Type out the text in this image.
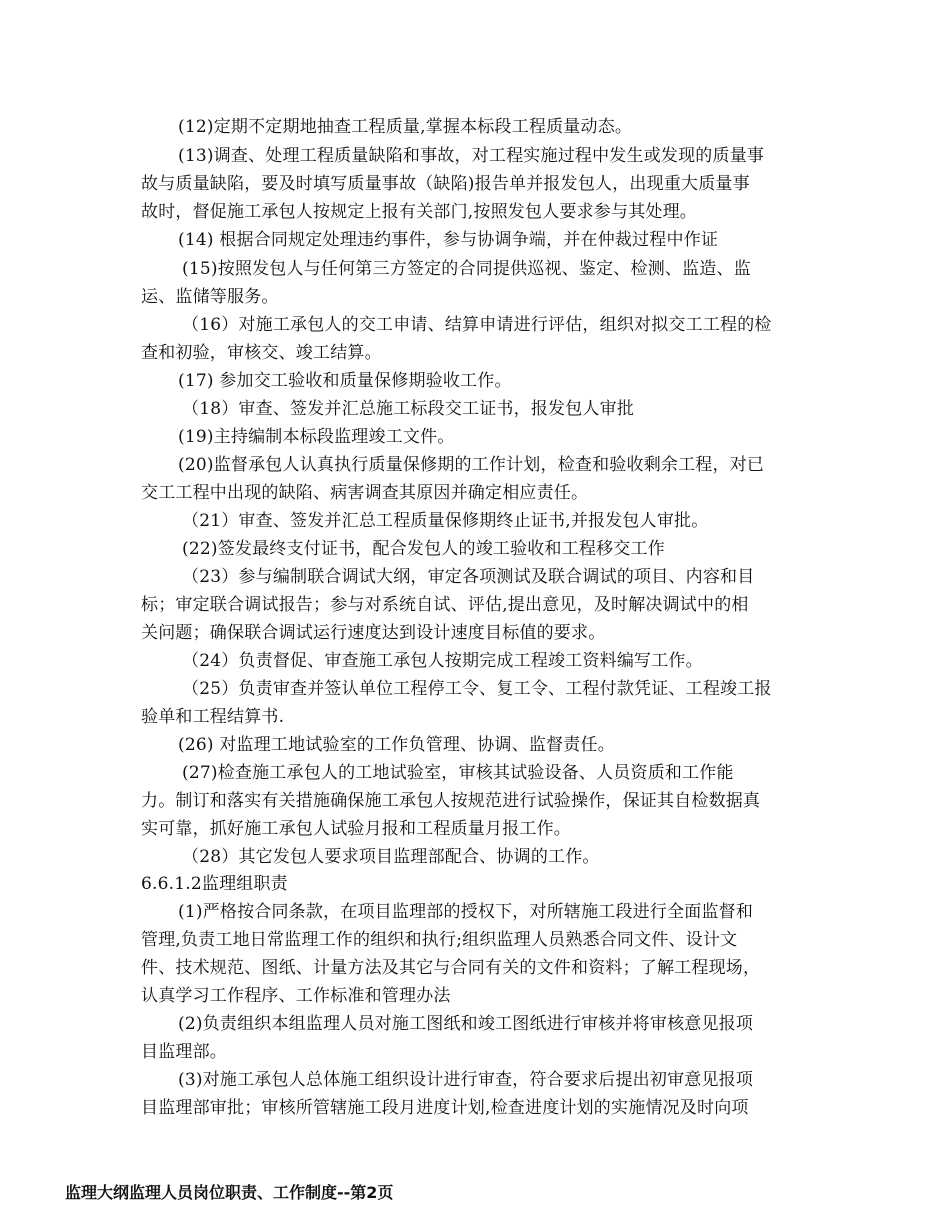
(12)定期不定期地抽查工程质量,掌握本标段工程质量动态。
(13)调查、处理工程质量缺陷和事故，对工程实施过程中发生或发现的质量事
故与质量缺陷，要及时填写质量事故（缺陷)报告单并报发包人，出现重大质量事
故时，督促施工承包人按规定上报有关部门,按照发包人要求参与其处理。
(14) 根据合同规定处理违约事件，参与协调争端，并在仲裁过程中作证
(15)按照发包人与任何第三方签定的合同提供巡视、鉴定、检测、监造、监
运、监储等服务。
（16）对施工承包人的交工申请、结算申请进行评估，组织对拟交工工程的检
查和初验，审核交、竣工结算。
(17) 参加交工验收和质量保修期验收工作。
（18）审查、签发并汇总施工标段交工证书，报发包人审批
(19)主持编制本标段监理竣工文件。
(20)监督承包人认真执行质量保修期的工作计划，检查和验收剩余工程，对已
交工工程中出现的缺陷、病害调查其原因并确定相应责任。
（21）审查、签发并汇总工程质量保修期终止证书,并报发包人审批。
(22)签发最终支付证书，配合发包人的竣工验收和工程移交工作
（23）参与编制联合调试大纲，审定各项测试及联合调试的项目、内容和目
标；审定联合调试报告；参与对系统自试、评估,提出意见，及时解决调试中的相
关问题；确保联合调试运行速度达到设计速度目标值的要求。
（24）负责督促、审查施工承包人按期完成工程竣工资料编写工作。
（25）负责审查并签认单位工程停工令、复工令、工程付款凭证、工程竣工报
验单和工程结算书.
(26) 对监理工地试验室的工作负管理、协调、监督责任。
(27)检查施工承包人的工地试验室，审核其试验设备、人员资质和工作能
力。制订和落实有关措施确保施工承包人按规范进行试验操作，保证其自检数据真
实可靠，抓好施工承包人试验月报和工程质量月报工作。
（28）其它发包人要求项目监理部配合、协调的工作。
6.6.1.2监理组职责
(1)严格按合同条款，在项目监理部的授权下，对所辖施工段进行全面监督和
管理,负责工地日常监理工作的组织和执行;组织监理人员熟悉合同文件、设计文
件、技术规范、图纸、计量方法及其它与合同有关的文件和资料；了解工程现场，
认真学习工作程序、工作标准和管理办法
(2)负责组织本组监理人员对施工图纸和竣工图纸进行审核并将审核意见报项
目监理部。
(3)对施工承包人总体施工组织设计进行审查，符合要求后提出初审意见报项
目监理部审批；审核所管辖施工段月进度计划,检查进度计划的实施情况及时向项
监理大纲监理人员岗位职责、工作制度--第2页
